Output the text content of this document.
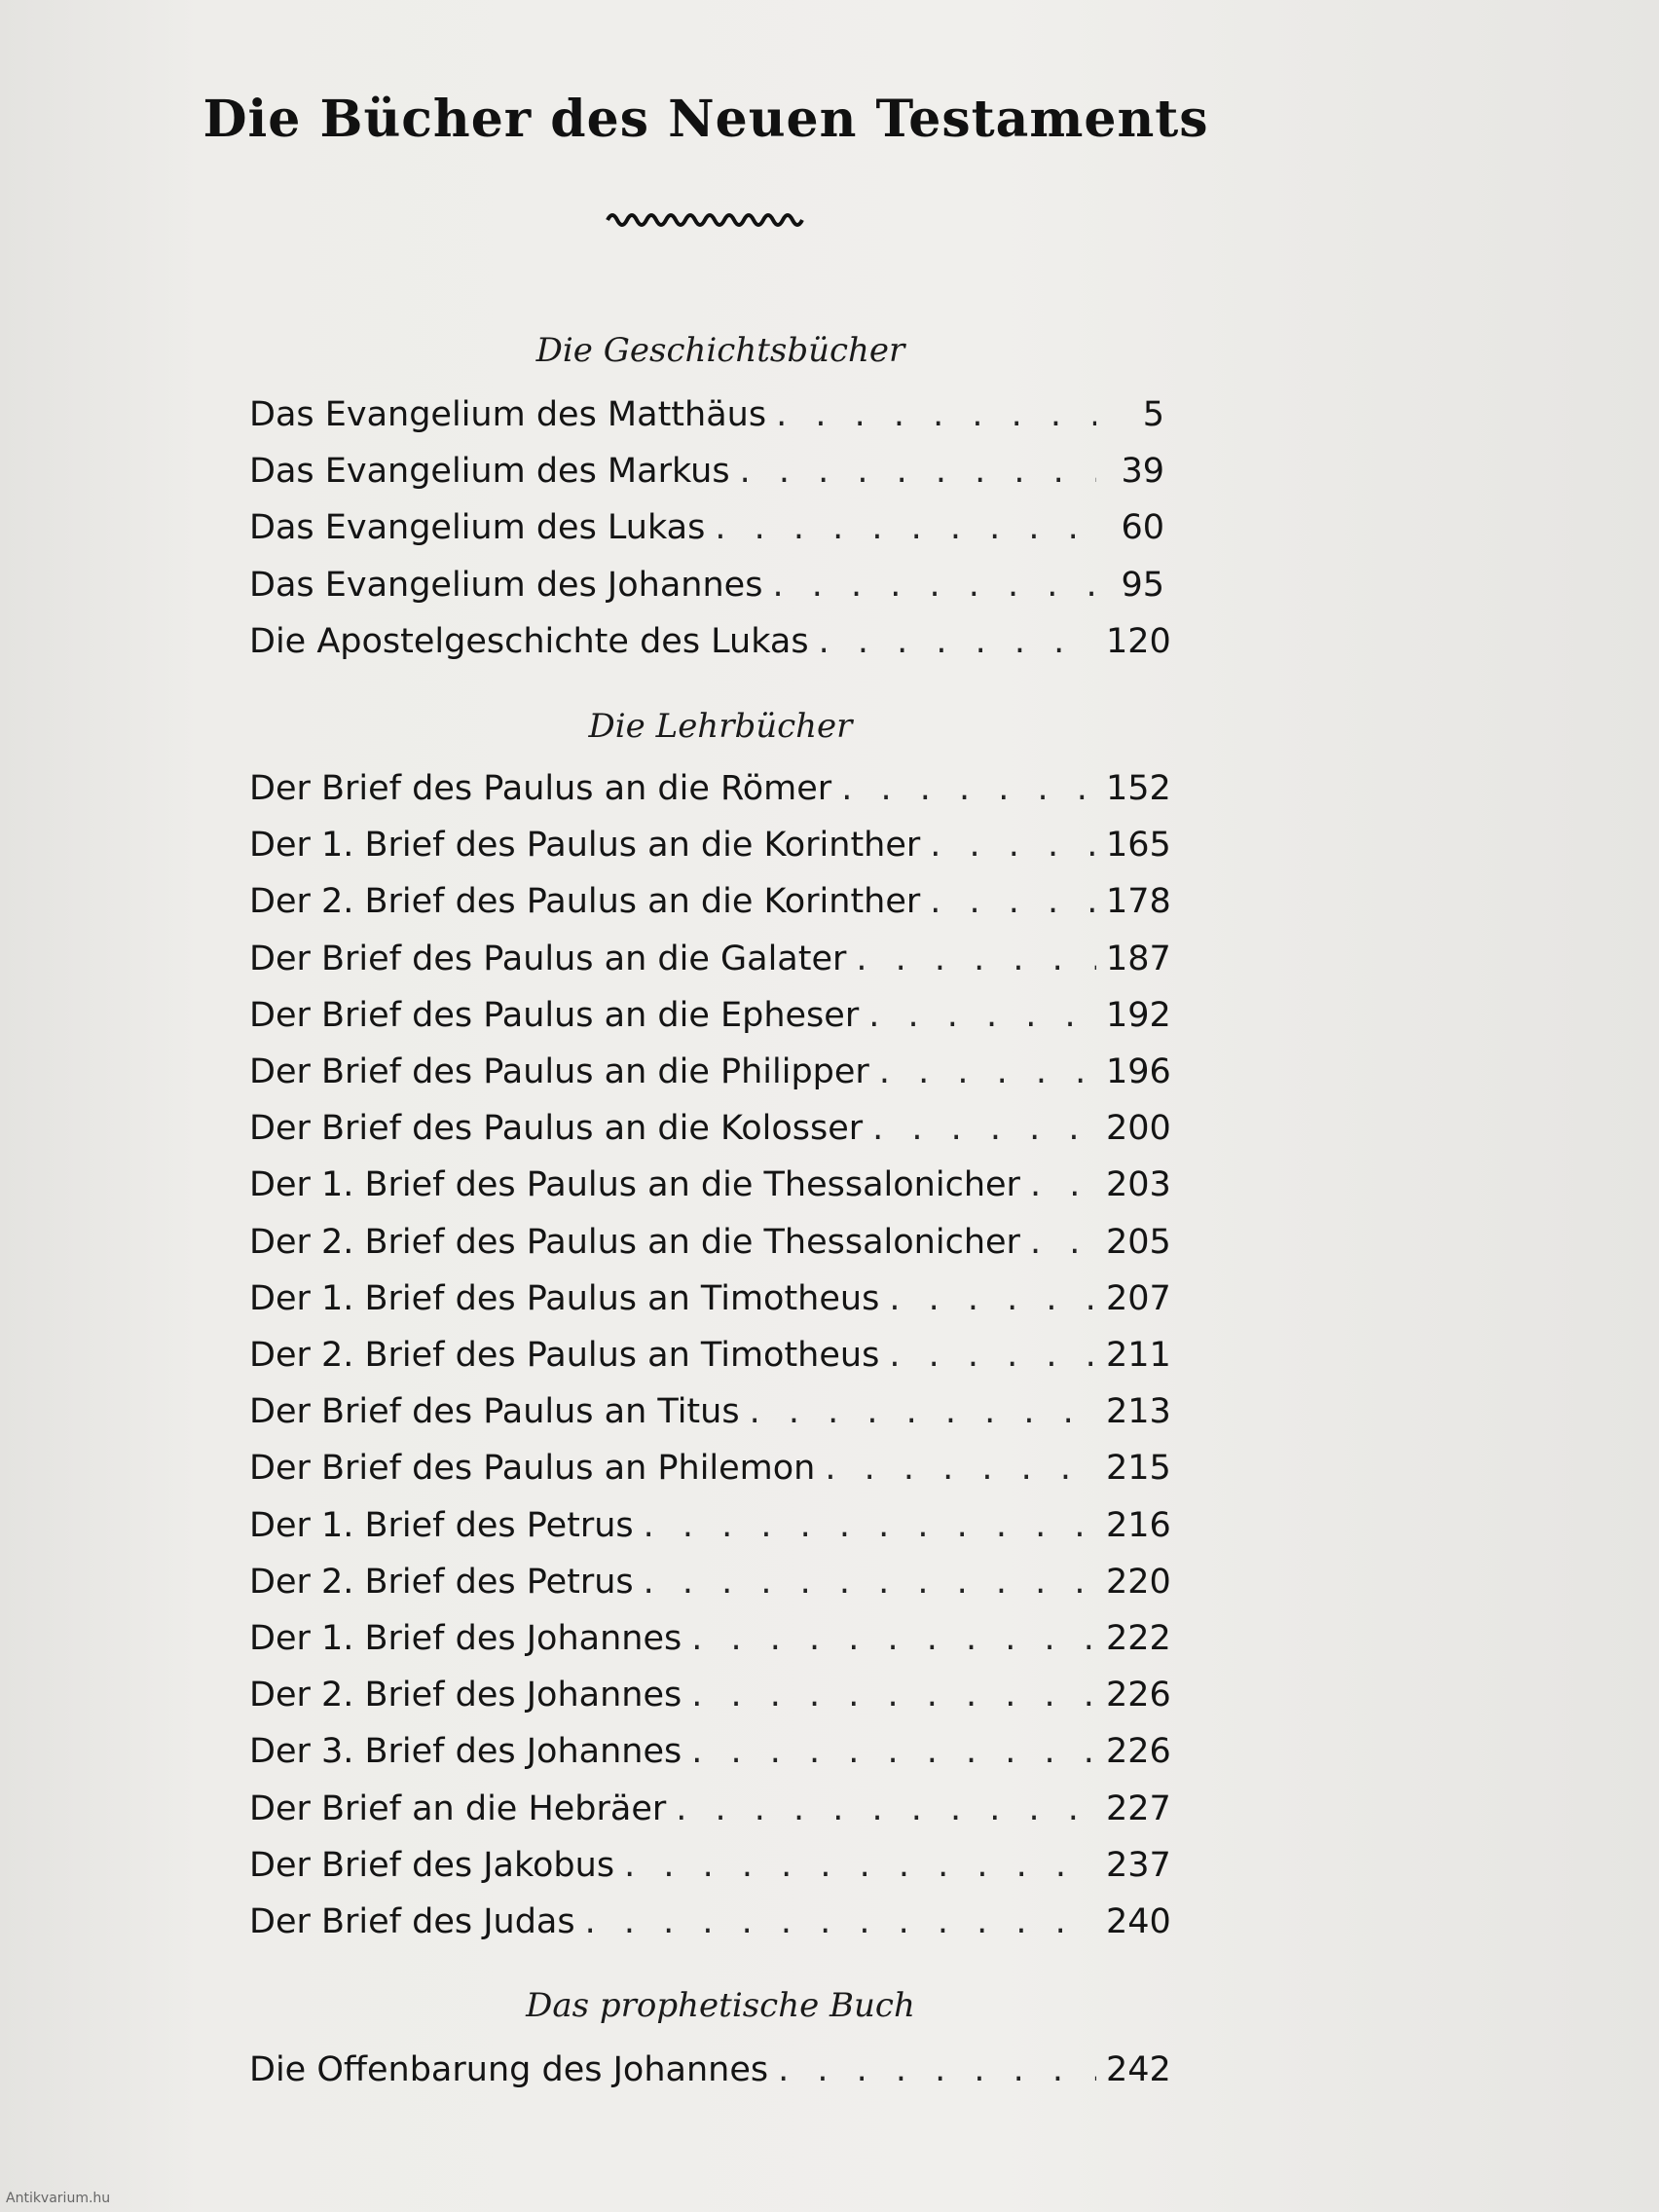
Die Bücher des Neuen Testaments
Die Geschichtsbücher
Das Evangelium des Matthäus . . .	5
Das Evangelium des Markus . . .	39
Das Evangelium des Lukas . . .	60
Das Evangelium des Johannes . . .	95
Die Apostelgeschichte des Lukas . . .	120
Die Lehrbücher
Der Brief des Paulus an die Römer . . .	152
Der 1. Brief des Paulus an die Korinther . . .	165
Der 2. Brief des Paulus an die Korinther . . .	178
Der Brief des Paulus an die Galater . . .	187
Der Brief des Paulus an die Epheser . . .	192
Der Brief des Paulus an die Philipper . . .	196
Der Brief des Paulus an die Kolosser . . .	200
Der 1. Brief des Paulus an die Thessalonicher . . .	203
Der 2. Brief des Paulus an die Thessalonicher . . .	205
Der 1. Brief des Paulus an Timotheus . . .	207
Der 2. Brief des Paulus an Timotheus . . .	211
Der Brief des Paulus an Titus . . .	213
Der Brief des Paulus an Philemon . . .	215
Der 1. Brief des Petrus . . .	216
Der 2. Brief des Petrus . . .	220
Der 1. Brief des Johannes . . .	222
Der 2. Brief des Johannes . . .	226
Der 3. Brief des Johannes . . .	226
Der Brief an die Hebräer . . .	227
Der Brief des Jakobus . . .	237
Der Brief des Judas . . .	240
Das prophetische Buch
Die Offenbarung des Johannes . . .	242
Antikvarium.hu
